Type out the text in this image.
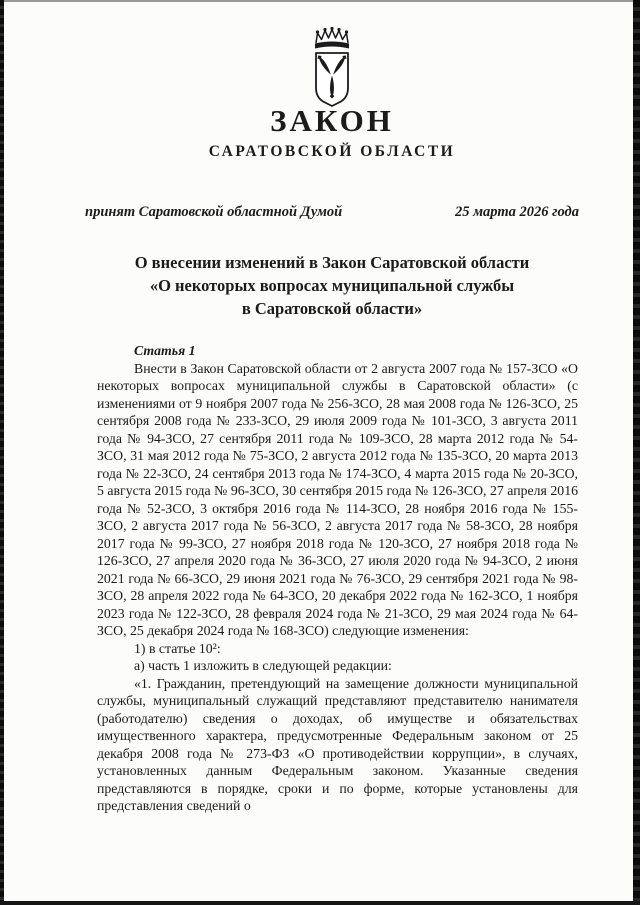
ЗАКОН
САРАТОВСКОЙ ОБЛАСТИ
принят Саратовской областной Думой	25 марта 2026 года
О внесении изменений в Закон Саратовской области
«О некоторых вопросах муниципальной службы
в Саратовской области»

Статья 1

Внести в Закон Саратовской области от 2 августа 2007 года № 157-ЗСО «О некоторых вопросах муниципальной службы в Саратовской области» (с изменениями от 9 ноября 2007 года № 256-ЗСО, 28 мая 2008 года № 126-ЗСО, 25 сентября 2008 года № 233-ЗСО, 29 июля 2009 года № 101-ЗСО, 3 августа 2011 года № 94-ЗСО, 27 сентября 2011 года № 109-ЗСО, 28 марта 2012 года № 54-ЗСО, 31 мая 2012 года № 75-ЗСО, 2 августа 2012 года № 135-ЗСО, 20 марта 2013 года № 22-ЗСО, 24 сентября 2013 года № 174-ЗСО, 4 марта 2015 года № 20-ЗСО, 5 августа 2015 года № 96-ЗСО, 30 сентября 2015 года № 126-ЗСО, 27 апреля 2016 года № 52-ЗСО, 3 октября 2016 года № 114-ЗСО, 28 ноября 2016 года № 155-ЗСО, 2 августа 2017 года № 56-ЗСО, 2 августа 2017 года № 58-ЗСО, 28 ноября 2017 года № 99-ЗСО, 27 ноября 2018 года № 120-ЗСО, 27 ноября 2018 года № 126-ЗСО, 27 апреля 2020 года № 36-ЗСО, 27 июля 2020 года № 94-ЗСО, 2 июня 2021 года № 66-ЗСО, 29 июня 2021 года № 76-ЗСО, 29 сентября 2021 года № 98-ЗСО, 28 апреля 2022 года № 64-ЗСО, 20 декабря 2022 года № 162-ЗСО, 1 ноября 2023 года № 122-ЗСО, 28 февраля 2024 года № 21-ЗСО, 29 мая 2024 года № 64-ЗСО, 25 декабря 2024 года № 168-ЗСО) следующие изменения:

1) в статье 10²:

а) часть 1 изложить в следующей редакции:

«1. Гражданин, претендующий на замещение должности муниципальной службы, муниципальный служащий представляют представителю нанимателя (работодателю) сведения о доходах, об имуществе и обязательствах имущественного характера, предусмотренные Федеральным законом от 25 декабря 2008 года № 273-ФЗ «О противодействии коррупции», в случаях, установленных данным Федеральным законом. Указанные сведения представляются в порядке, сроки и по форме, которые установлены для представления сведений о
